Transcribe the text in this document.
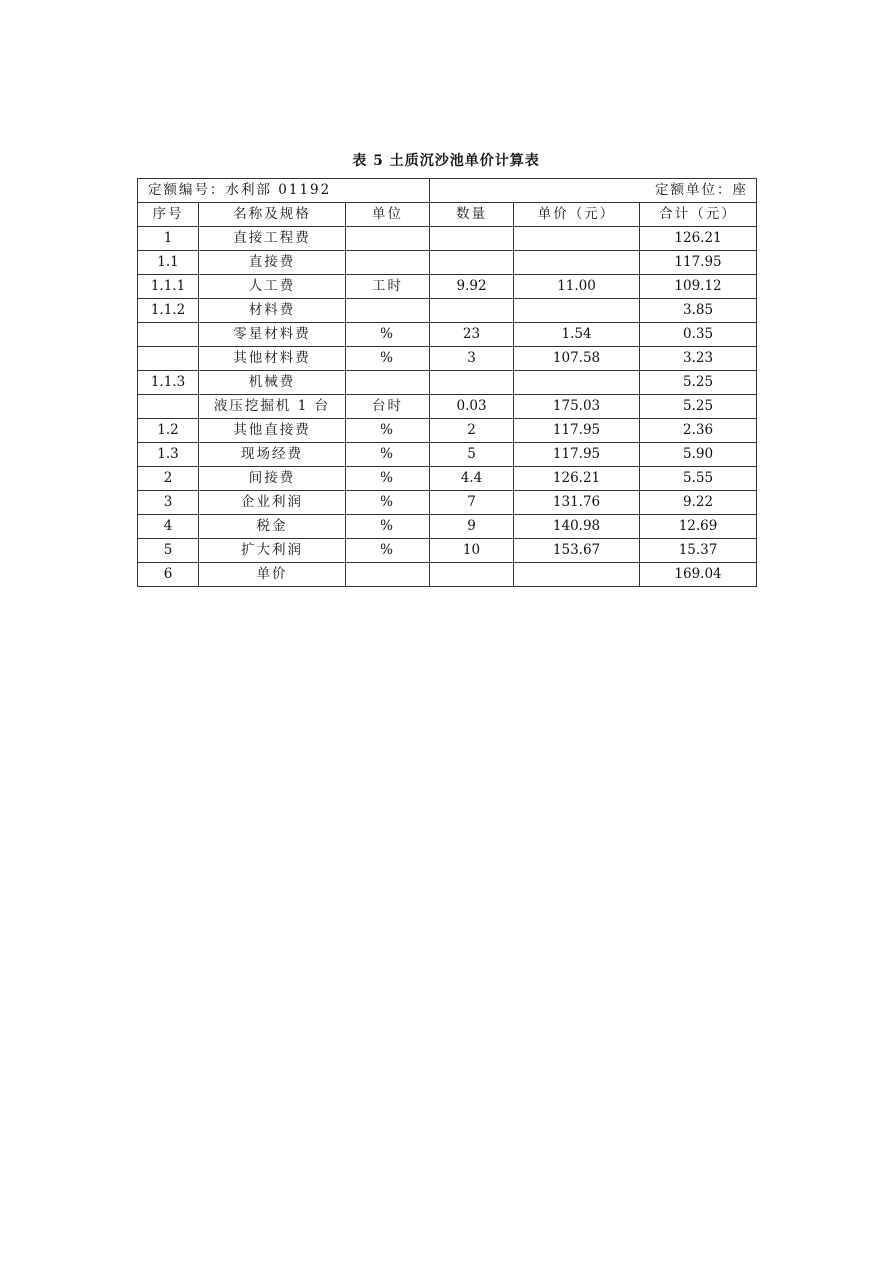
表 5 土质沉沙池单价计算表
定额编号：水利部 01192			定额单位：座		
序号	名称及规格	单位	数量	单价（元）	合计（元）
1	直接工程费				126.21
1.1	直接费				117.95
1.1.1	人工费	工时	9.92	11.00	109.12
1.1.2	材料费				3.85
	零星材料费	%	23	1.54	0.35
	其他材料费	%	3	107.58	3.23
1.1.3	机械费				5.25
	液压挖掘机 1 台	台时	0.03	175.03	5.25
1.2	其他直接费	%	2	117.95	2.36
1.3	现场经费	%	5	117.95	5.90
2	间接费	%	4.4	126.21	5.55
3	企业利润	%	7	131.76	9.22
4	税金	%	9	140.98	12.69
5	扩大利润	%	10	153.67	15.37
6	单价				169.04
